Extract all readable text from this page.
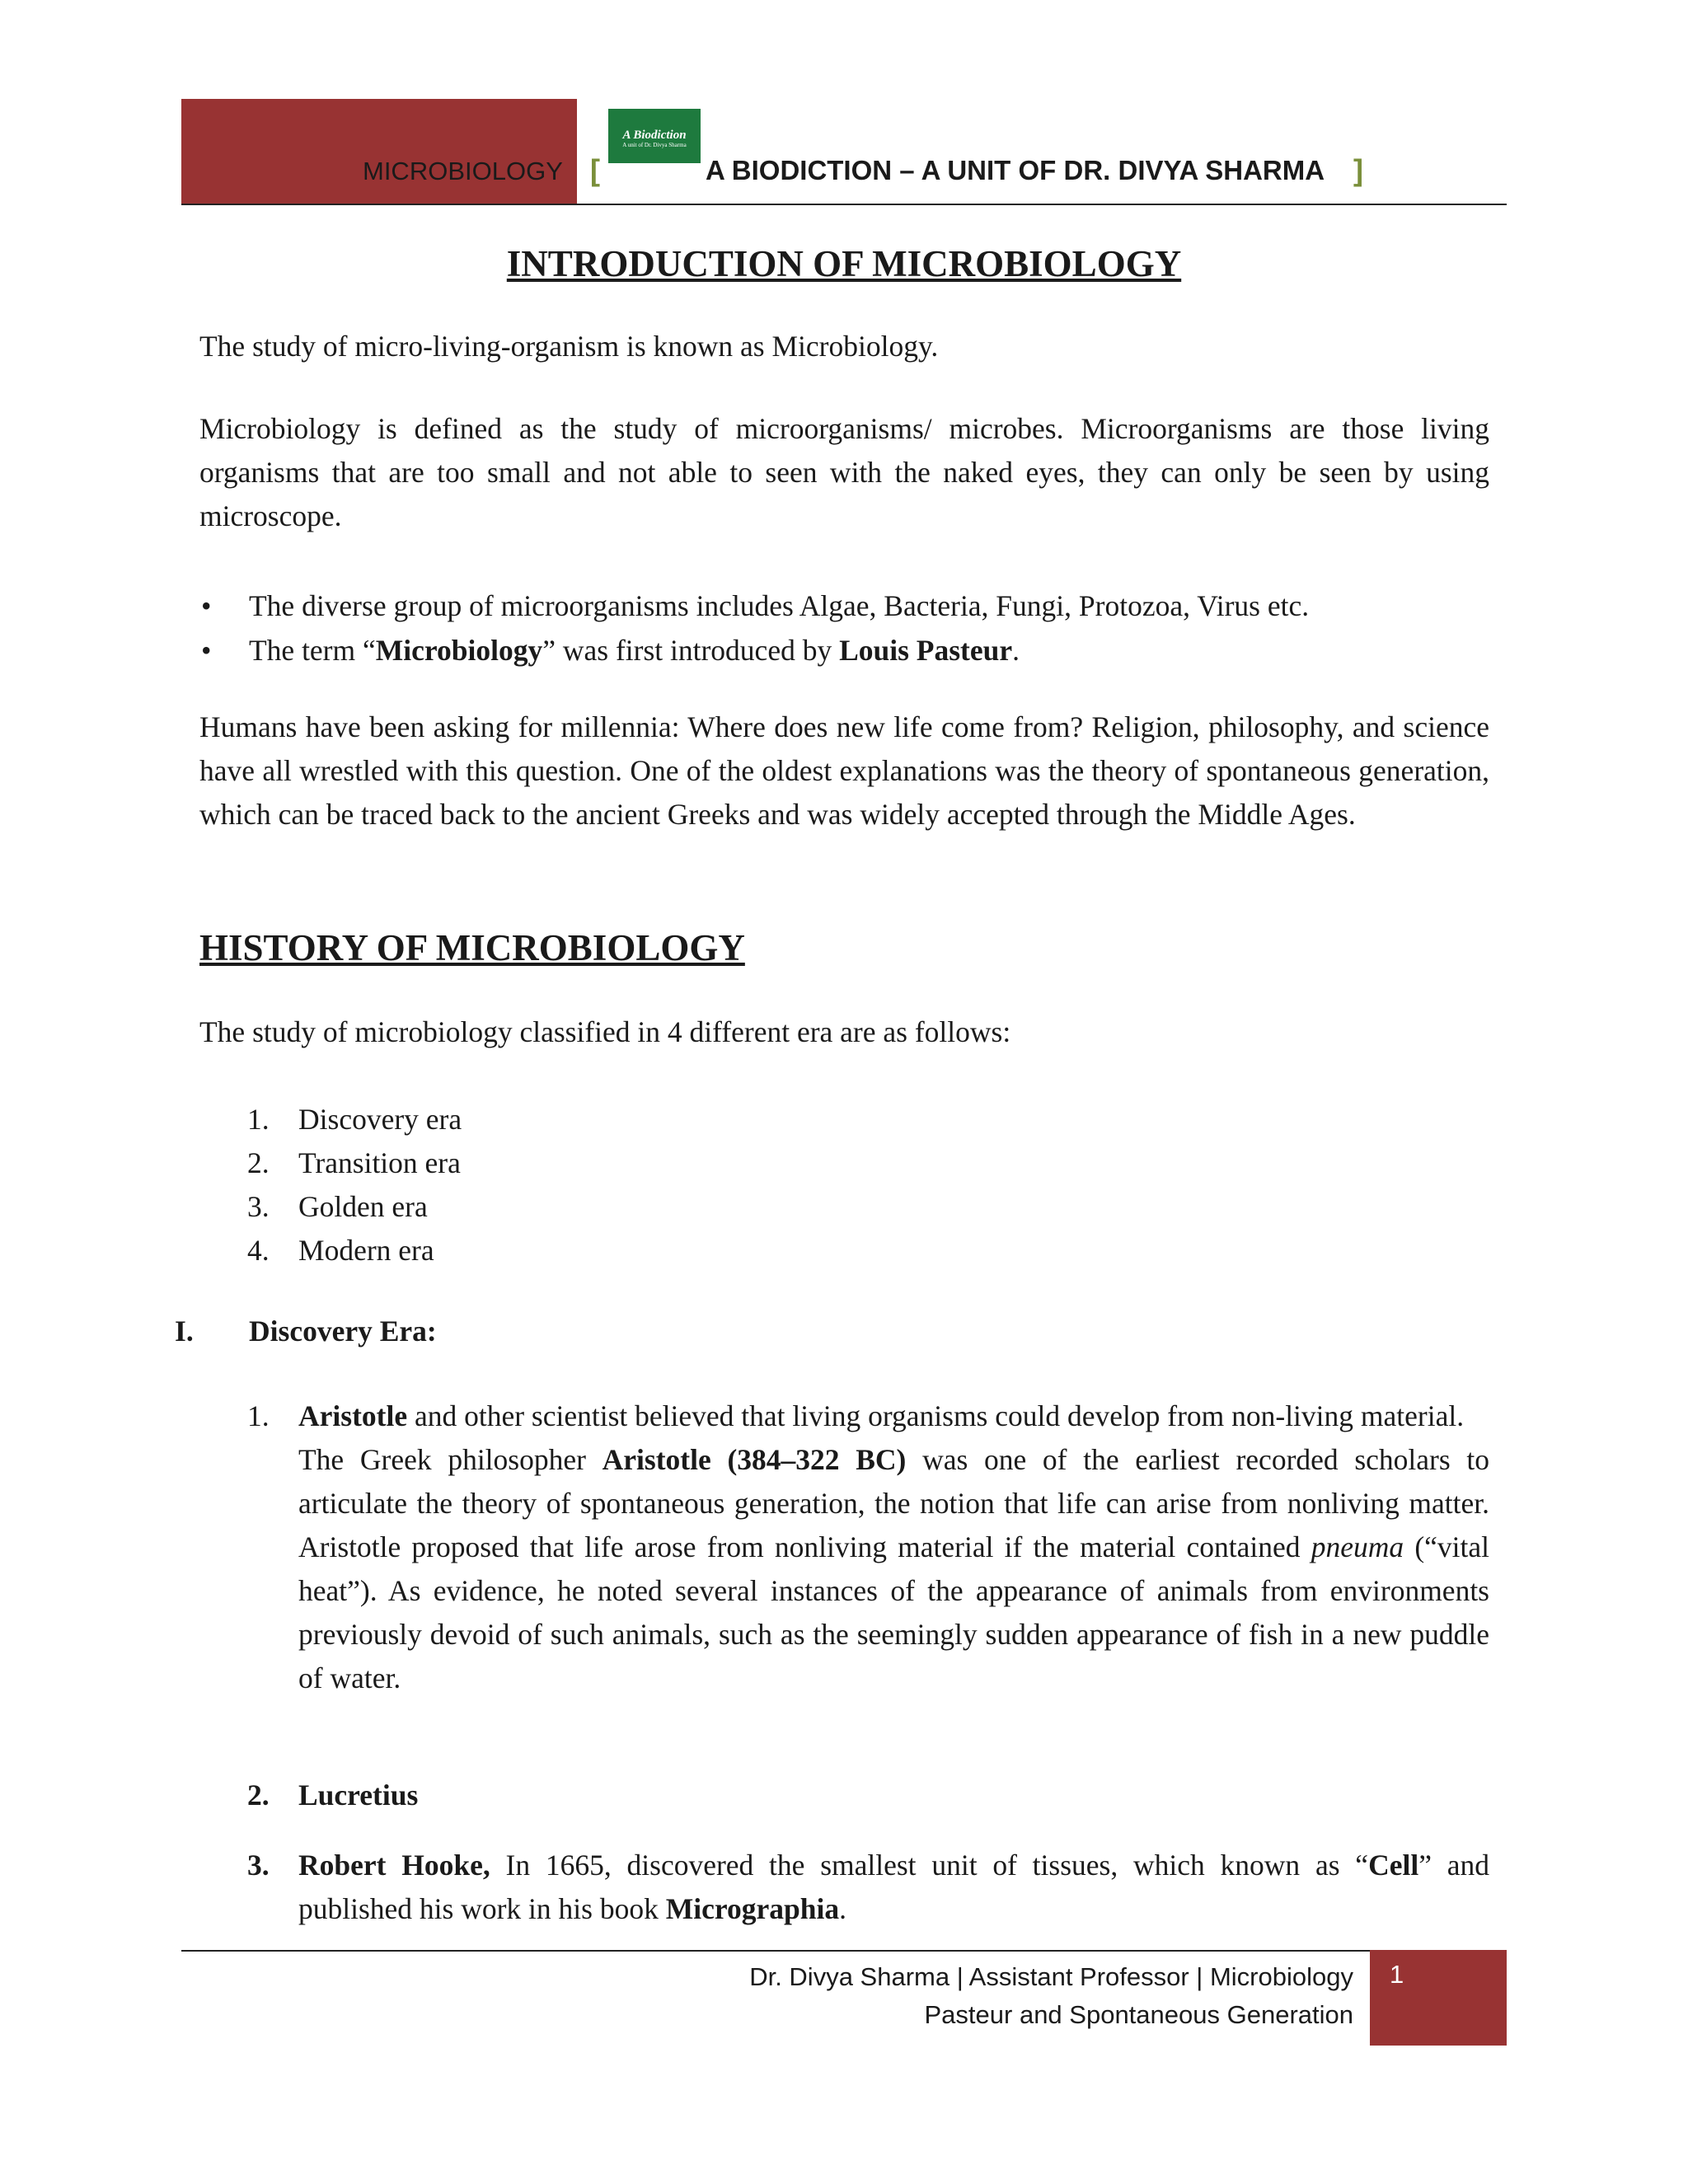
MICROBIOLOGY [
A Biodiction
A unit of Dr. Divya Sharma
A BIODICTION – A UNIT OF DR. DIVYA SHARMA ]
INTRODUCTION OF MICROBIOLOGY

The study of micro-living-organism is known as Microbiology.

Microbiology is defined as the study of microorganisms/ microbes. Microorganisms are those living organisms that are too small and not able to seen with the naked eyes, they can only be seen by using microscope.

• The diverse group of microorganisms includes Algae, Bacteria, Fungi, Protozoa, Virus etc.
• The term “Microbiology” was first introduced by Louis Pasteur.

Humans have been asking for millennia: Where does new life come from? Religion, philosophy, and science have all wrestled with this question. One of the oldest explanations was the theory of spontaneous generation, which can be traced back to the ancient Greeks and was widely accepted through the Middle Ages.

HISTORY OF MICROBIOLOGY

The study of microbiology classified in 4 different era are as follows:

1. Discovery era
2. Transition era
3. Golden era
4. Modern era
I. Discovery Era:
1. Aristotle and other scientist believed that living organisms could develop from non-living material.
The Greek philosopher Aristotle (384–322 BC) was one of the earliest recorded scholars to articulate the theory of spontaneous generation, the notion that life can arise from nonliving matter. Aristotle proposed that life arose from nonliving material if the material contained pneuma (“vital heat”). As evidence, he noted several instances of the appearance of animals from environments previously devoid of such animals, such as the seemingly sudden appearance of fish in a new puddle of water.
2. Lucretius
3. Robert Hooke, In 1665, discovered the smallest unit of tissues, which known as “Cell” and published his work in his book Micrographia.
Dr. Divya Sharma | Assistant Professor | Microbiology
Pasteur and Spontaneous Generation
1
